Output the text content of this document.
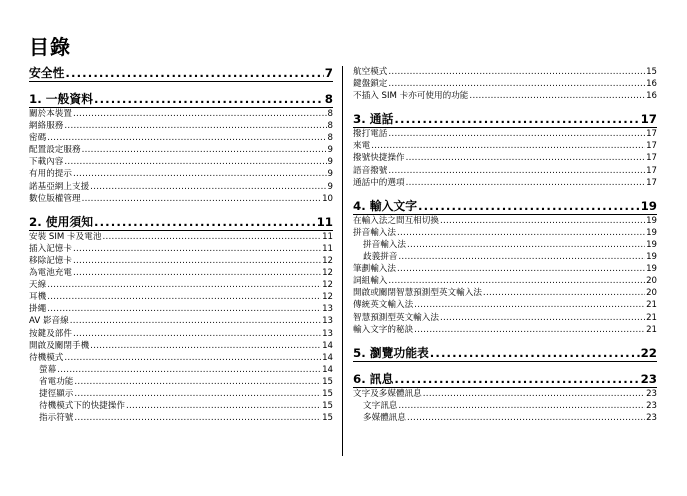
目錄
安全性 .....	7
1. 一般資料 .....	8
關於本裝置 .....	8
網絡服務 .....	8
密碼 .....	8
配置設定服務 .....	9
下載內容 .....	9
有用的提示 .....	9
諾基亞網上支援 .....	9
數位版權管理 .....	10
2. 使用須知 .....	11
安裝 SIM 卡及電池 .....	11
插入記憶卡 .....	11
移除記憶卡 .....	12
為電池充電 .....	12
天線 .....	12
耳機 .....	12
掛繩 .....	13
AV 影音線 .....	13
按鍵及部件 .....	13
開啟及關閉手機 .....	14
待機模式 .....	14
螢幕 .....	14
省電功能 .....	15
捷徑顯示 .....	15
待機模式下的快捷操作 .....	15
指示符號 .....	15
航空模式 .....	15
鍵盤鎖定 .....	16
不插入 SIM 卡亦可使用的功能 .....	16
3. 通話 .....	17
撥打電話 .....	17
來電 .....	17
撥號快捷操作 .....	17
語音撥號 .....	17
通話中的選項 .....	17
4. 輸入文字 .....	19
在輸入法之間互相切換 .....	19
拼音輸入法 .....	19
拼音輸入法 .....	19
歧義拼音 .....	19
筆劃輸入法 .....	19
詞組輸入 .....	20
開啟或關閉智慧預測型英文輸入法 .....	20
傳統英文輸入法 .....	21
智慧預測型英文輸入法 .....	21
輸入文字的秘訣 .....	21
5. 瀏覽功能表 .....	22
6. 訊息 .....	23
文字及多媒體訊息 .....	23
文字訊息 .....	23
多媒體訊息 .....	23
